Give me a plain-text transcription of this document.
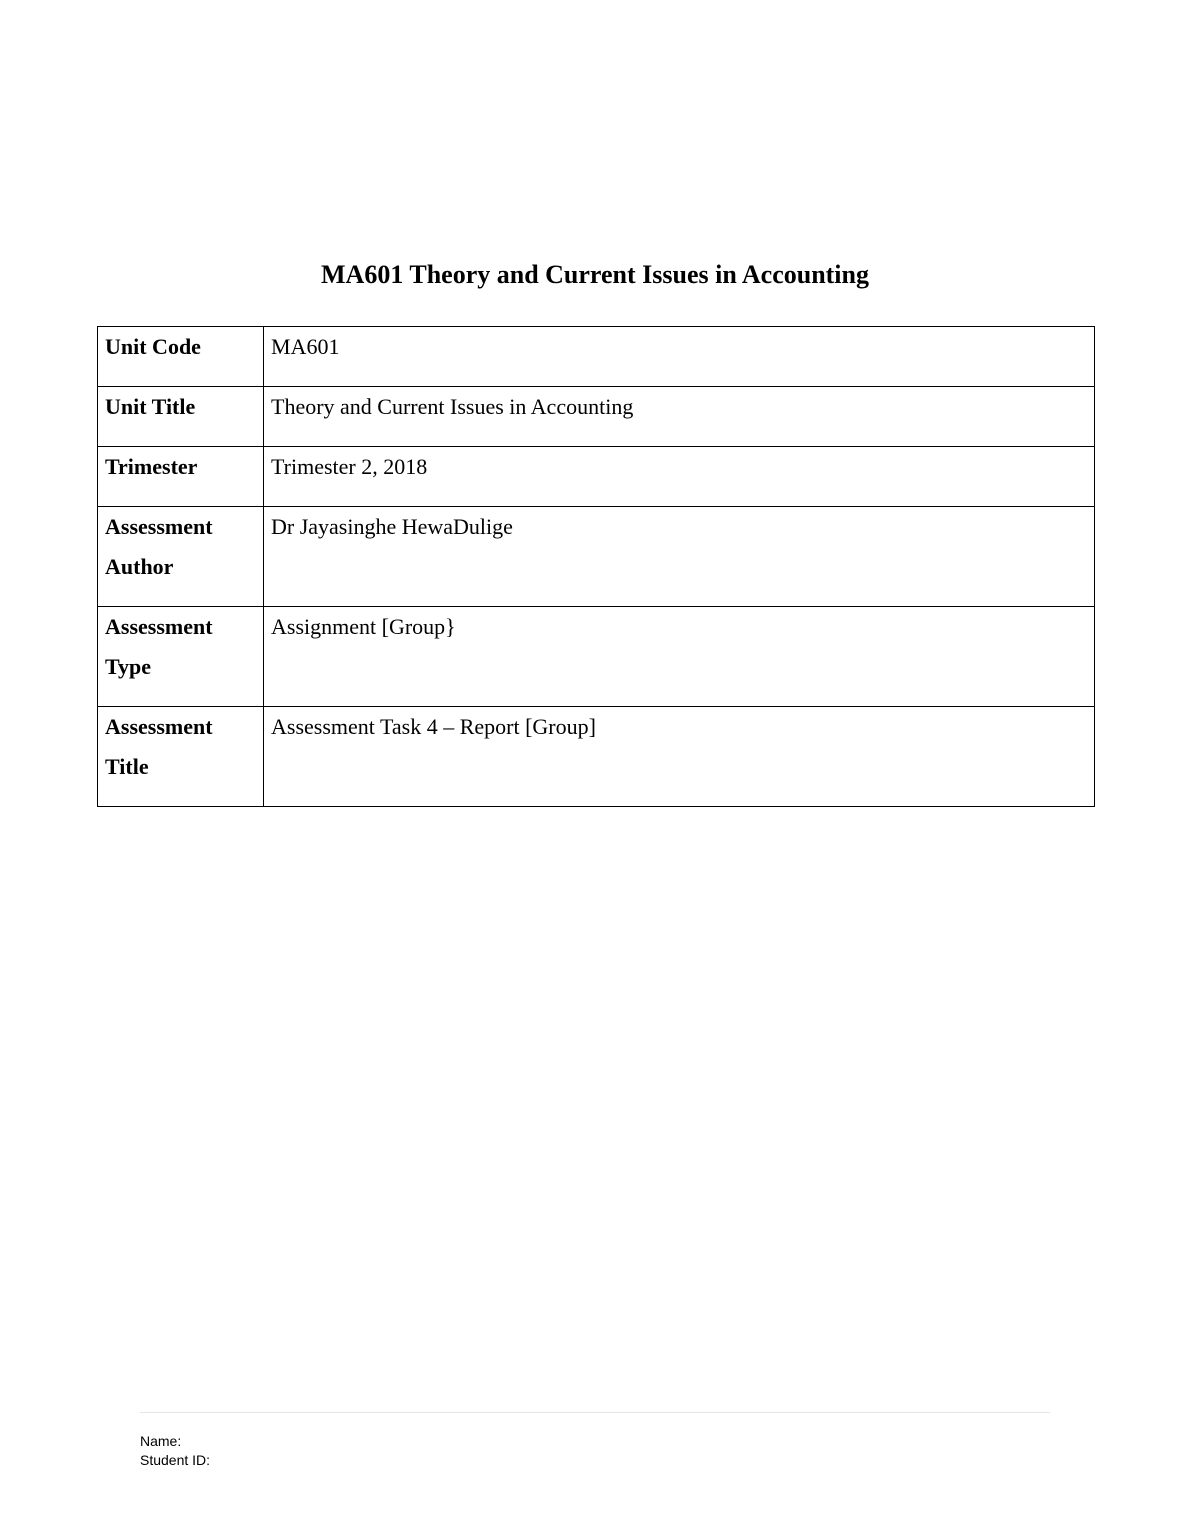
MA601 Theory and Current Issues in Accounting
Unit Code	MA601
Unit Title	Theory and Current Issues in Accounting
Trimester	Trimester 2, 2018
Assessment Author	Dr Jayasinghe HewaDulige
Assessment Type	Assignment [Group}
Assessment Title	Assessment Task 4 – Report [Group]
Name:
Student ID:
